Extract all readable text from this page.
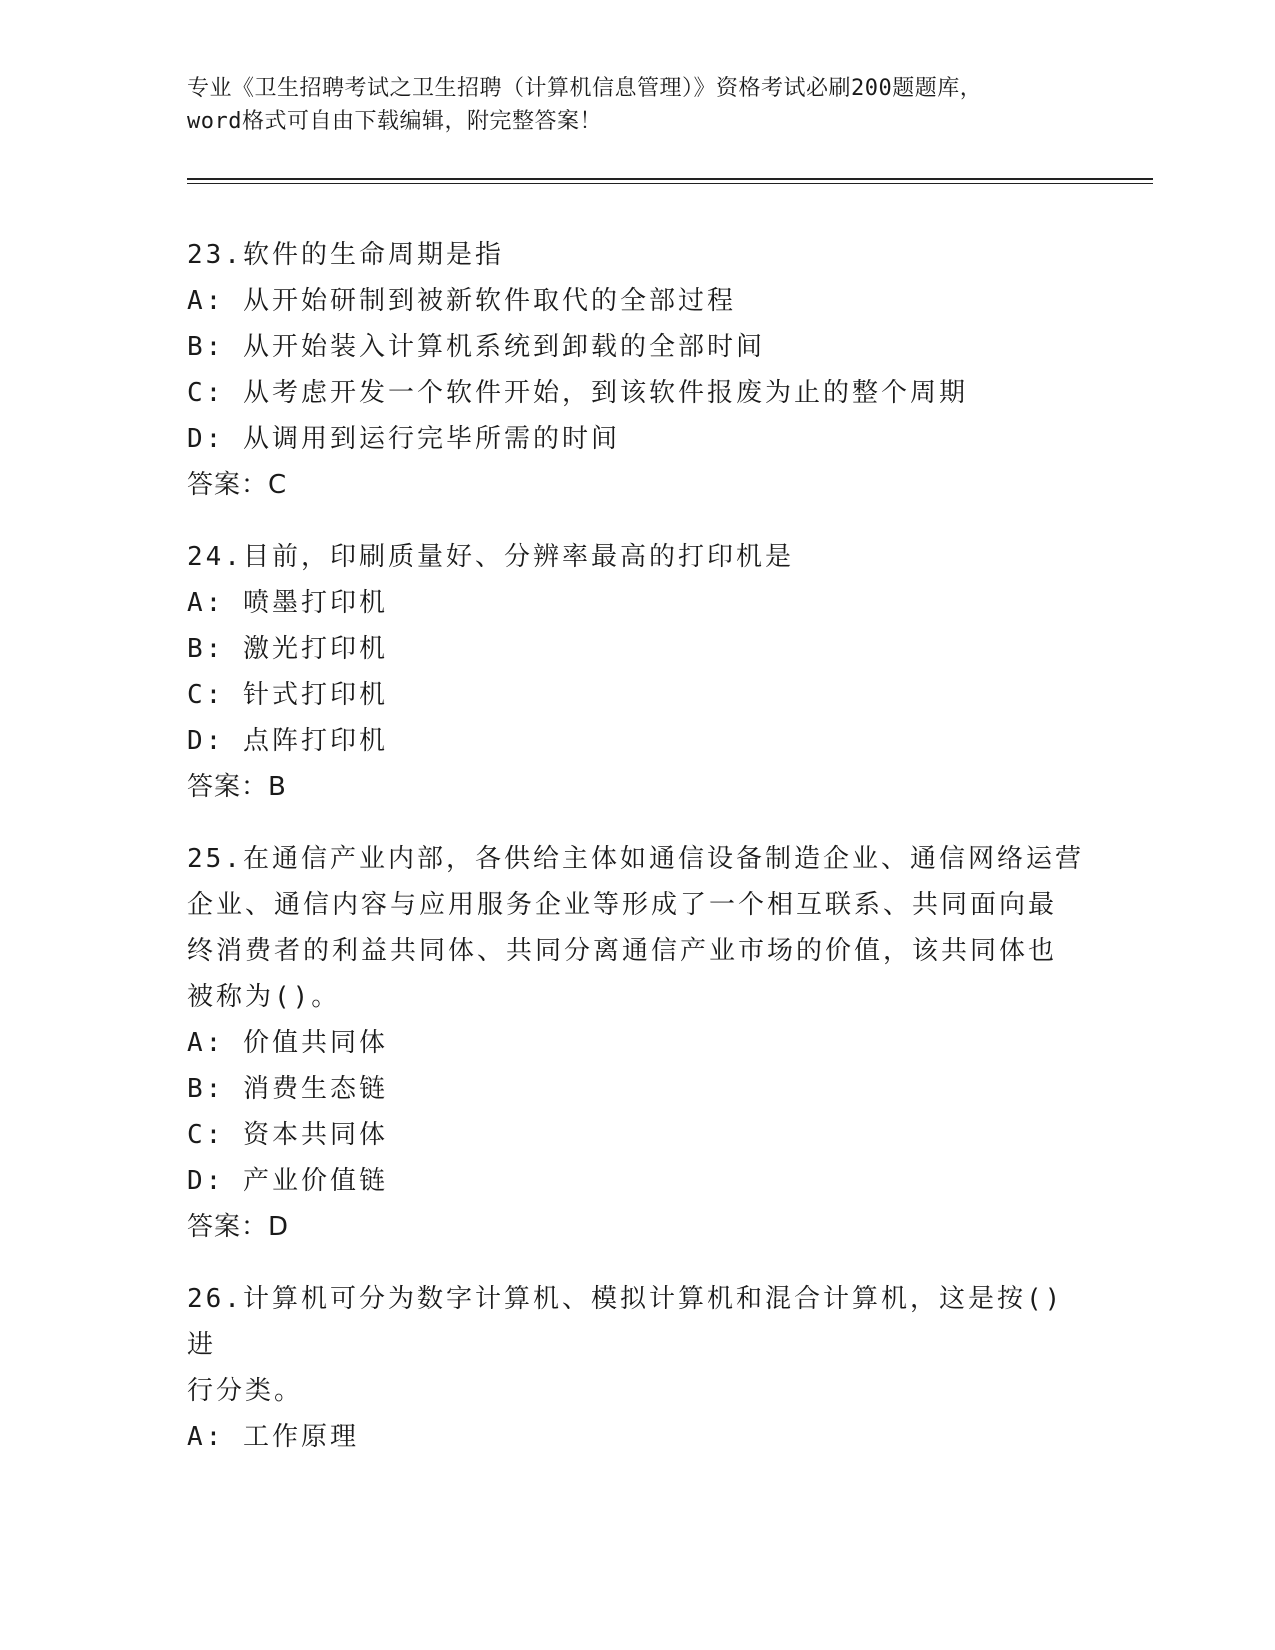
专业《卫生招聘考试之卫生招聘（计算机信息管理）》资格考试必刷200题题库，
word格式可自由下载编辑，附完整答案！
23.软件的生命周期是指
A: 从开始研制到被新软件取代的全部过程
B: 从开始装入计算机系统到卸载的全部时间
C: 从考虑开发一个软件开始，到该软件报废为止的整个周期
D: 从调用到运行完毕所需的时间
答案：C
24.目前，印刷质量好、分辨率最高的打印机是
A: 喷墨打印机
B: 激光打印机
C: 针式打印机
D: 点阵打印机
答案：B
25.在通信产业内部，各供给主体如通信设备制造企业、通信网络运营
企业、通信内容与应用服务企业等形成了一个相互联系、共同面向最
终消费者的利益共同体、共同分离通信产业市场的价值，该共同体也
被称为()。
A: 价值共同体
B: 消费生态链
C: 资本共同体
D: 产业价值链
答案：D
26.计算机可分为数字计算机、模拟计算机和混合计算机，这是按()进
行分类。
A: 工作原理
